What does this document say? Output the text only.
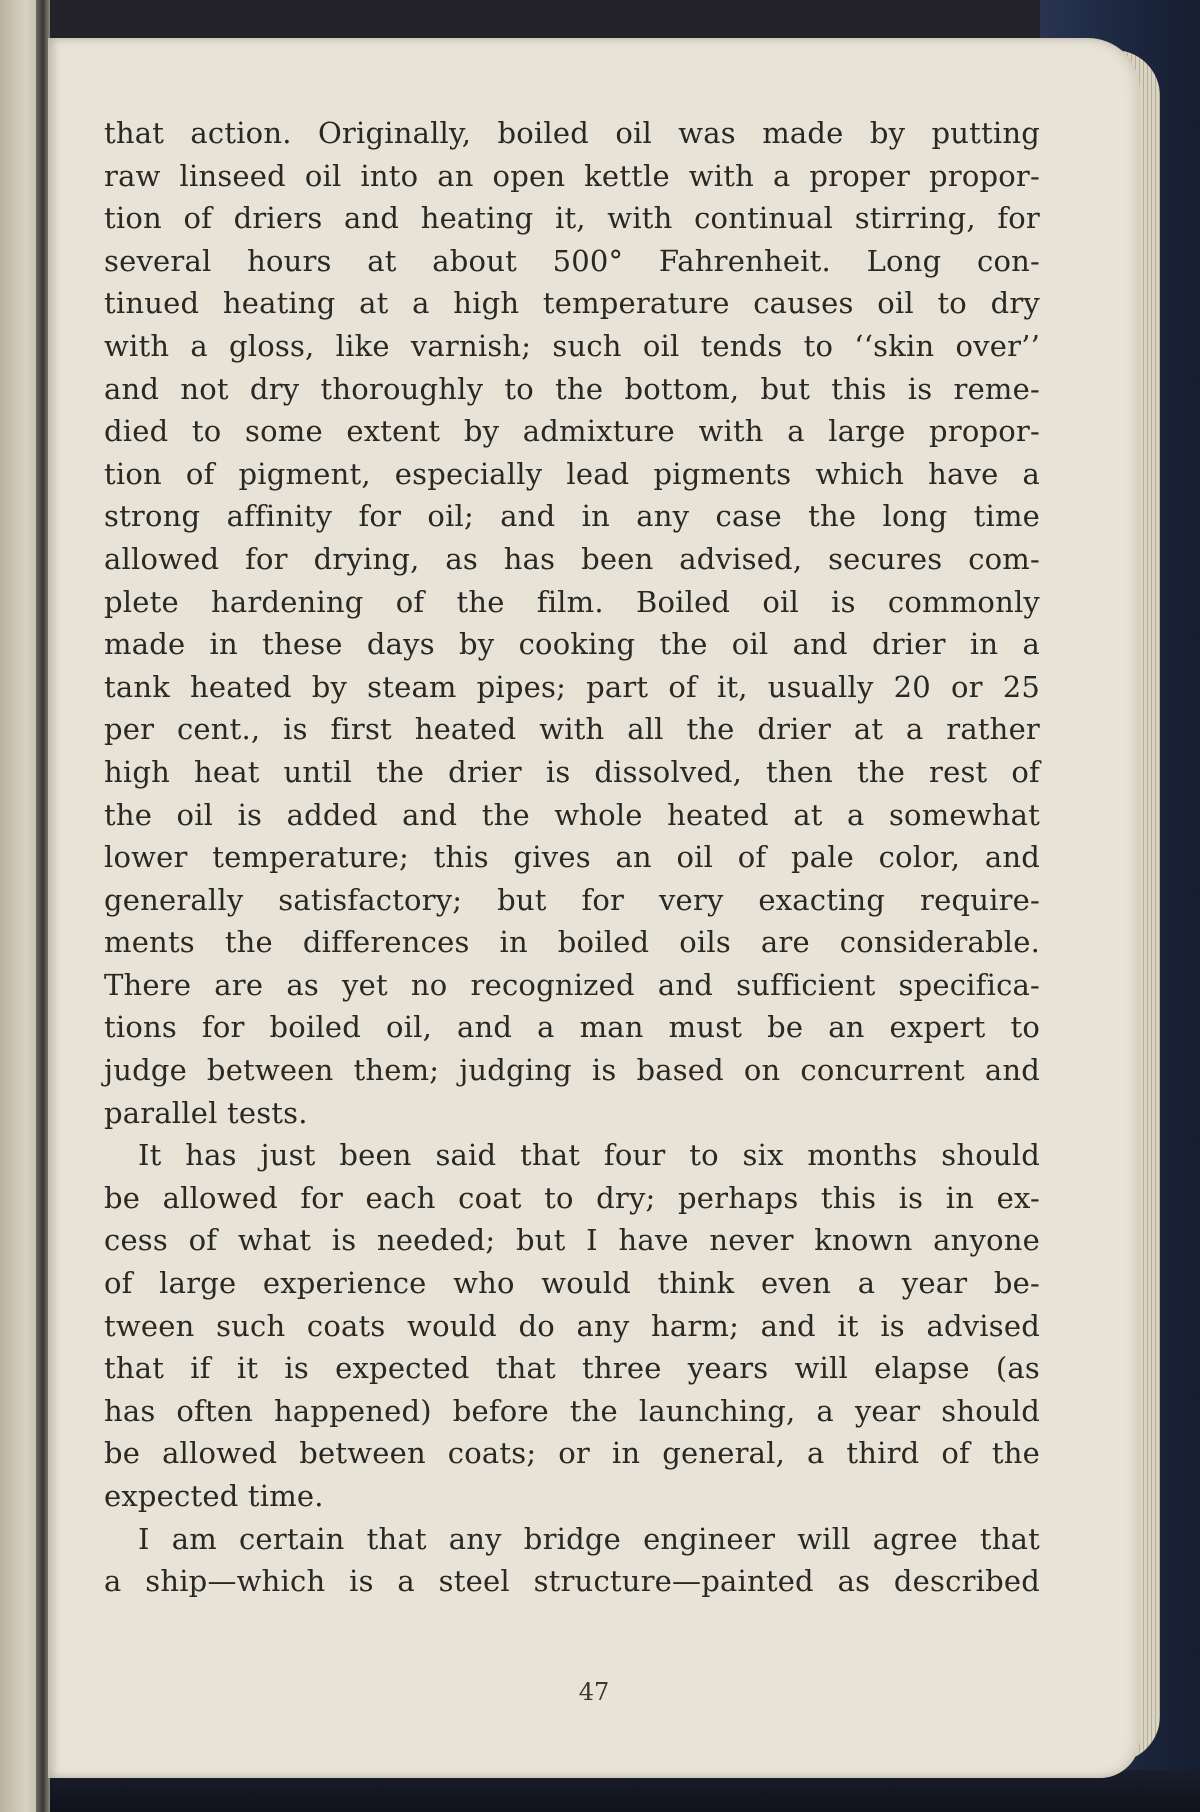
that action. Originally, boiled oil was made by putting
raw linseed oil into an open kettle with a proper propor-
tion of driers and heating it, with continual stirring, for
several hours at about 500° Fahrenheit. Long con-
tinued heating at a high temperature causes oil to dry
with a gloss, like varnish; such oil tends to ‘‘skin over’’
and not dry thoroughly to the bottom, but this is reme-
died to some extent by admixture with a large propor-
tion of pigment, especially lead pigments which have a
strong affinity for oil; and in any case the long time
allowed for drying, as has been advised, secures com-
plete hardening of the film. Boiled oil is commonly
made in these days by cooking the oil and drier in a
tank heated by steam pipes; part of it, usually 20 or 25
per cent., is first heated with all the drier at a rather
high heat until the drier is dissolved, then the rest of
the oil is added and the whole heated at a somewhat
lower temperature; this gives an oil of pale color, and
generally satisfactory; but for very exacting require-
ments the differences in boiled oils are considerable.
There are as yet no recognized and sufficient specifica-
tions for boiled oil, and a man must be an expert to
judge between them; judging is based on concurrent and
parallel tests.
It has just been said that four to six months should
be allowed for each coat to dry; perhaps this is in ex-
cess of what is needed; but I have never known anyone
of large experience who would think even a year be-
tween such coats would do any harm; and it is advised
that if it is expected that three years will elapse (as
has often happened) before the launching, a year should
be allowed between coats; or in general, a third of the
expected time.
I am certain that any bridge engineer will agree that
a ship—which is a steel structure—painted as described
47
